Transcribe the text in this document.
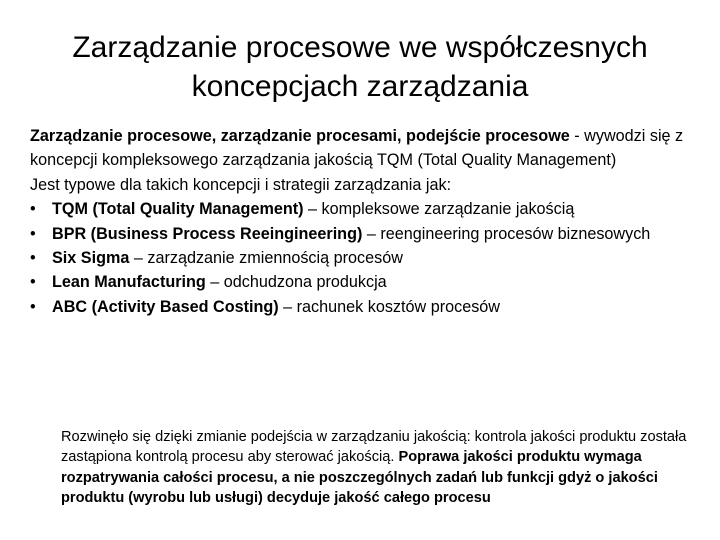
Zarządzanie procesowe we współczesnych
koncepcjach zarządzania

Zarządzanie procesowe, zarządzanie procesami, podejście procesowe - wywodzi się z koncepcji kompleksowego zarządzania jakością TQM (Total Quality Management)

Jest typowe dla takich koncepcji i strategii zarządzania jak:

• TQM (Total Quality Management) – kompleksowe zarządzanie jakością
• BPR (Business Process Reeingineering) – reengineering procesów biznesowych
• Six Sigma – zarządzanie zmiennością procesów
• Lean Manufacturing – odchudzona produkcja
• ABC (Activity Based Costing) – rachunek kosztów procesów

Rozwinęło się dzięki zmianie podejścia w zarządzaniu jakością: kontrola jakości produktu została zastąpiona kontrolą procesu aby sterować jakością. Poprawa jakości produktu wymaga rozpatrywania całości procesu, a nie poszczególnych zadań lub funkcji gdyż o jakości produktu (wyrobu lub usługi) decyduje jakość całego procesu
